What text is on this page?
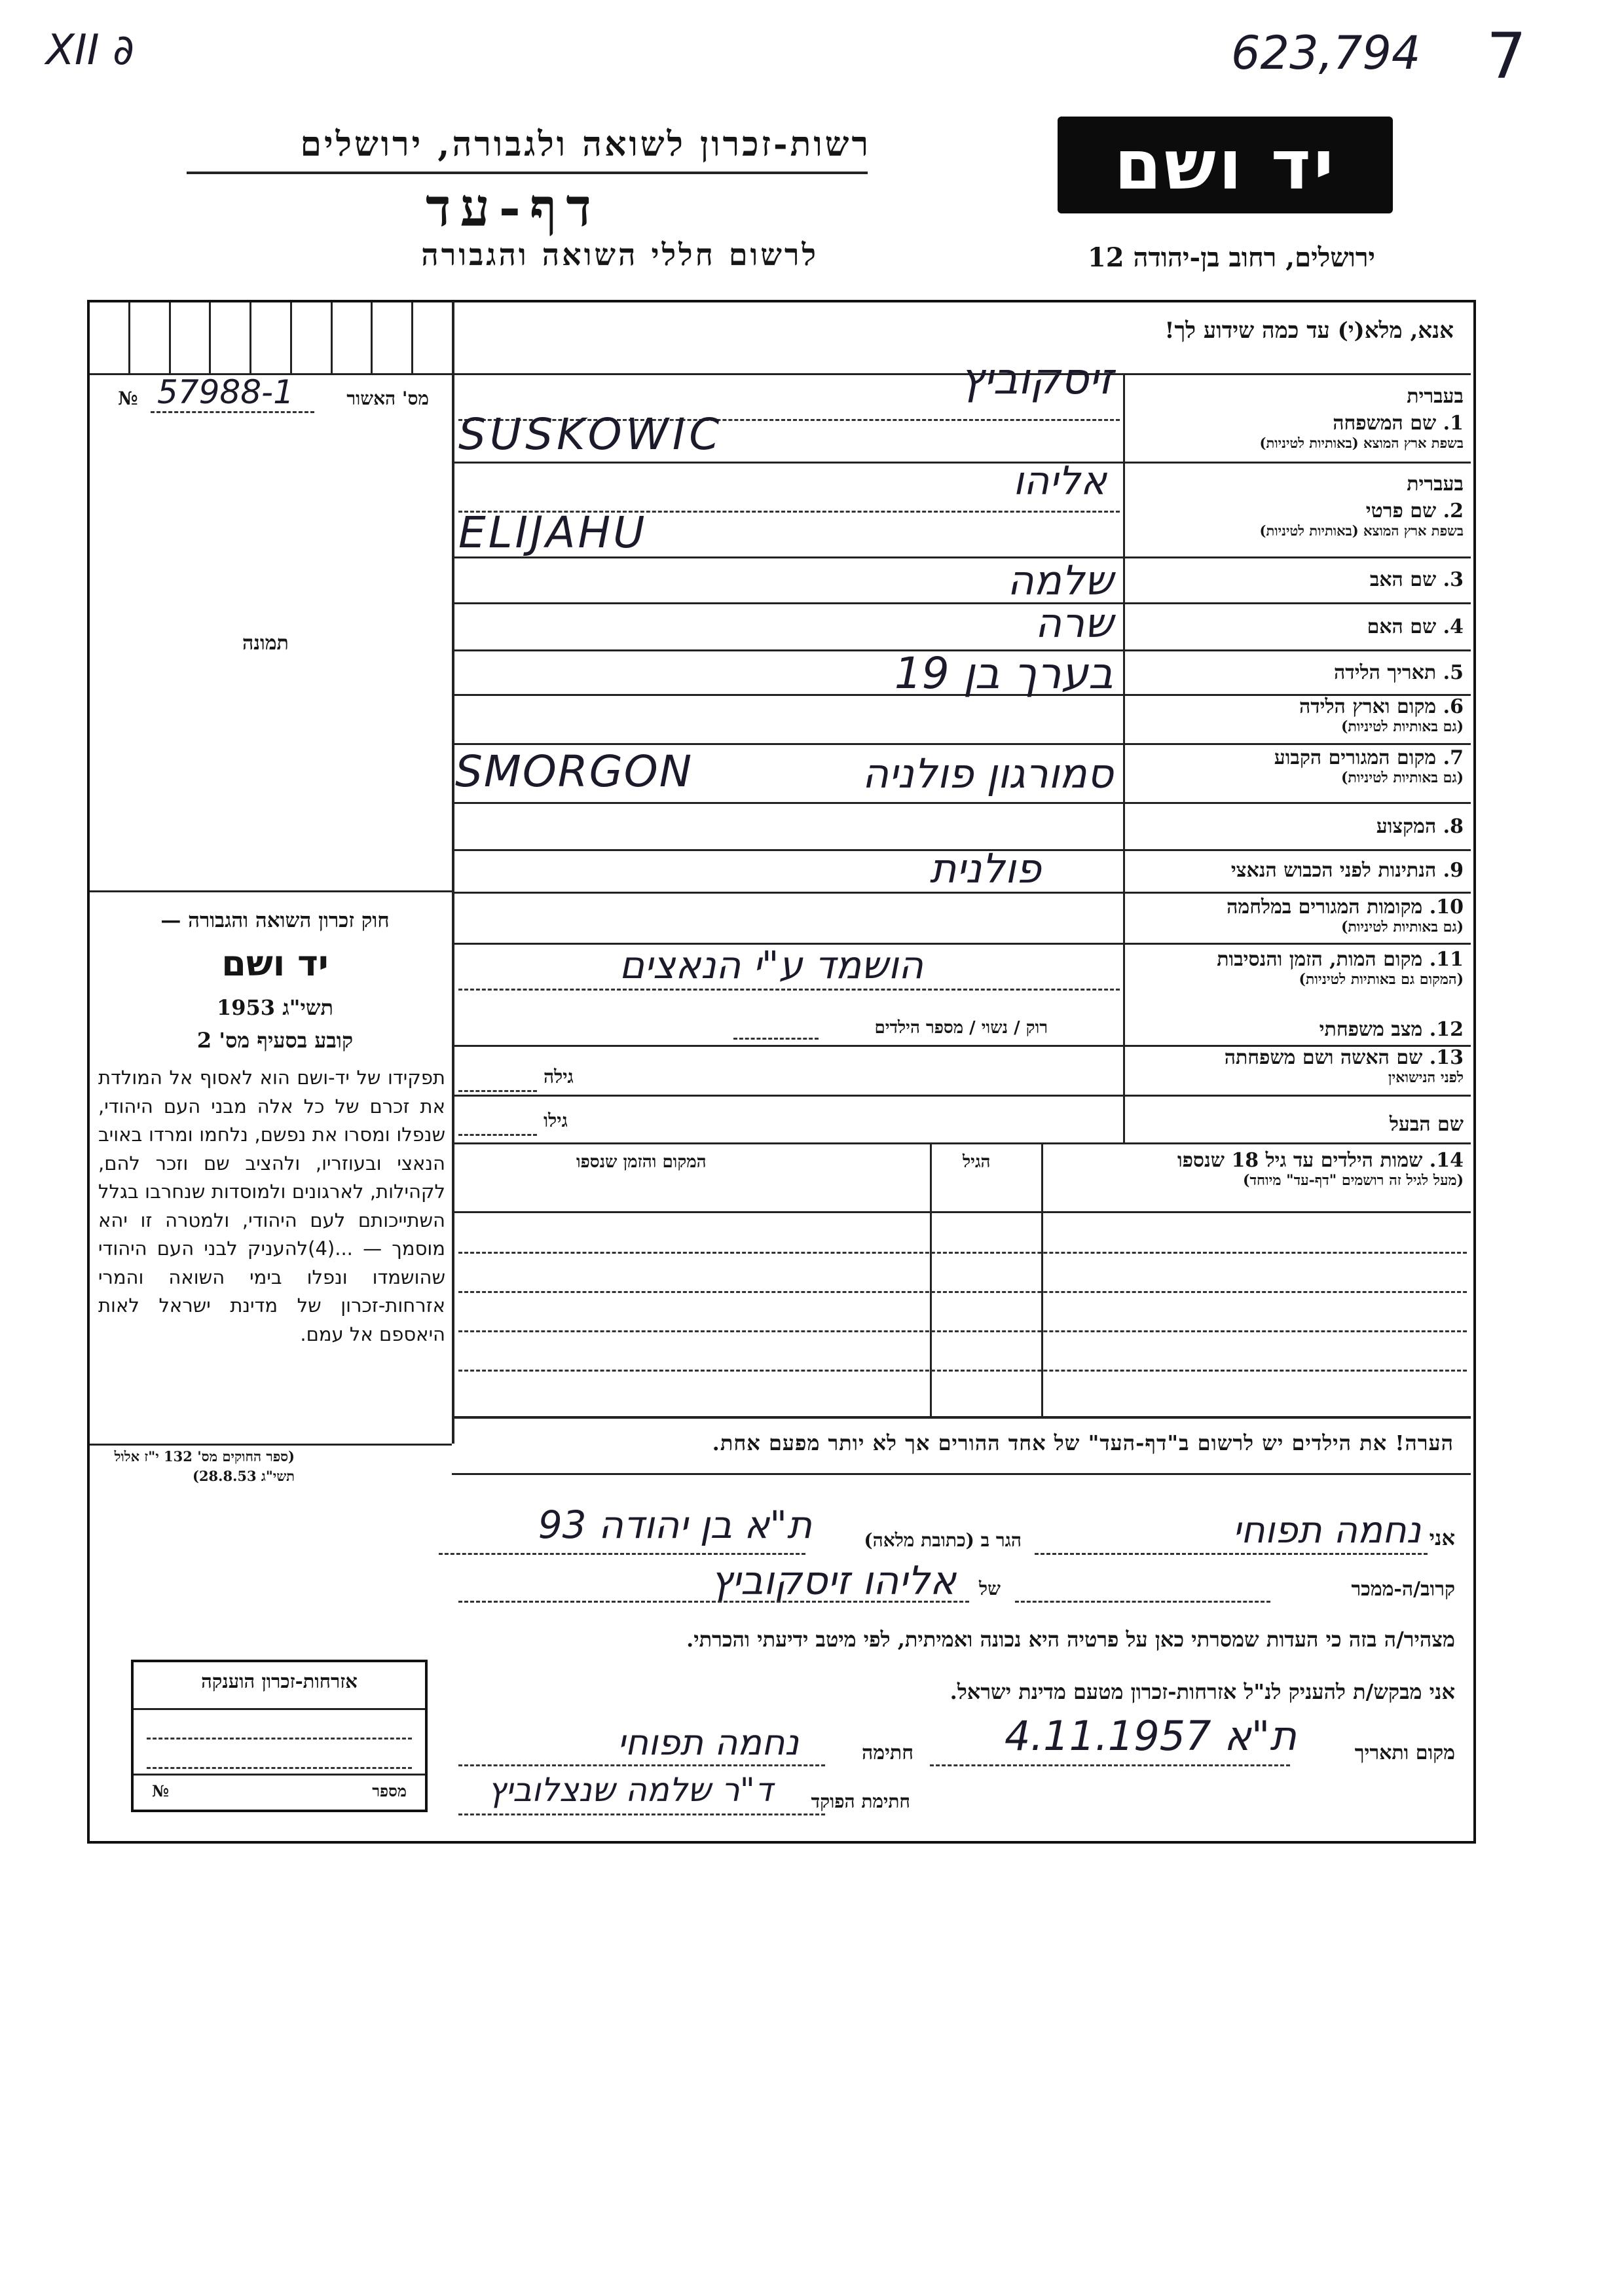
XII ∂	623,794 7
רשות-זכרון לשואה ולגבורה, ירושלים
דף-עד
לרשום חללי השואה והגבורה
יד ושם
ירושלים, רחוב בן-יהודה 12
מס' האשור
57988-1
№
תמונה
אנא, מלא(י) עד כמה שידוע לך!
בעברית
1. שם המשפחה
בשפת ארץ המוצא (באותיות לטיניות)
זיסקוביץ
SUSKOWIC
בעברית
2. שם פרטי
בשפת ארץ המוצא (באותיות לטיניות)
אליהו
ELIJAHU
3. שם האב
שלמה
4. שם האם
שרה
5. תאריך הלידה
בערך בן 19
6. מקום וארץ הלידה
(גם באותיות לטיניות)
7. מקום המגורים הקבוע
(גם באותיות לטיניות)
סמורגון פולניה
SMORGON
8. המקצוע
9. הנתינות לפני הכבוש הנאצי
פולנית
10. מקומות המגורים במלחמה
(גם באותיות לטיניות)
11. מקום המות, הזמן והנסיבות
(המקום גם באותיות לטיניות)
הושמד ע"י הנאצים
12. מצב משפחתי
רוק / נשוי / מספר הילדים
13. שם האשה ושם משפחתה
לפני הנישואין
גילה
שם הבעל
גילו
14. שמות הילדים עד גיל 18 שנספו
(מעל לגיל זה רושמים "דף-עד" מיוחד)
הגיל
המקום והזמן שנספו
הערה! את הילדים יש לרשום ב"דף-העד" של אחד ההורים אך לא יותר מפעם אחת.
חוק זכרון השואה והגבורה —
יד ושם
תשי"ג 1953
קובע בסעיף מס' 2
תפקידו של יד-ושם הוא לאסוף אל המולדת את זכרם של כל אלה מבני העם היהודי, שנפלו ומסרו את נפשם, נלחמו ומרדו באויב הנאצי ובעוזריו, ולהציב שם וזכר להם, לקהילות, לארגונים ולמוסדות שנחרבו בגלל השתייכותם לעם היהודי, ולמטרה זו יהא מוסמך — ...(4)להעניק לבני העם היהודי שהושמדו ונפלו בימי השואה והמרי אזרחות-זכרון של מדינת ישראל לאות היאספם אל עמם.
(ספר החוקים מס' 132 י"ז אלול תשי"ג 28.8.53)
אני
נחמה תפוחי
הגר ב (כתובת מלאה)
ת"א בן יהודה 93
קרוב/ה-ממכר
של
אליהו זיסקוביץ
מצהיר/ה בזה כי העדות שמסרתי כאן על פרטיה היא נכונה ואמיתית, לפי מיטב ידיעתי והכרתי.
אני מבקש/ת להעניק לנ"ל אזרחות-זכרון מטעם מדינת ישראל.
מקום ותאריך
ת"א 4.11.1957
חתימה
נחמה תפוחי
חתימת הפוקד
ד"ר שלמה שנצלוביץ
אזרחות-זכרון הוענקה
№	מספר
